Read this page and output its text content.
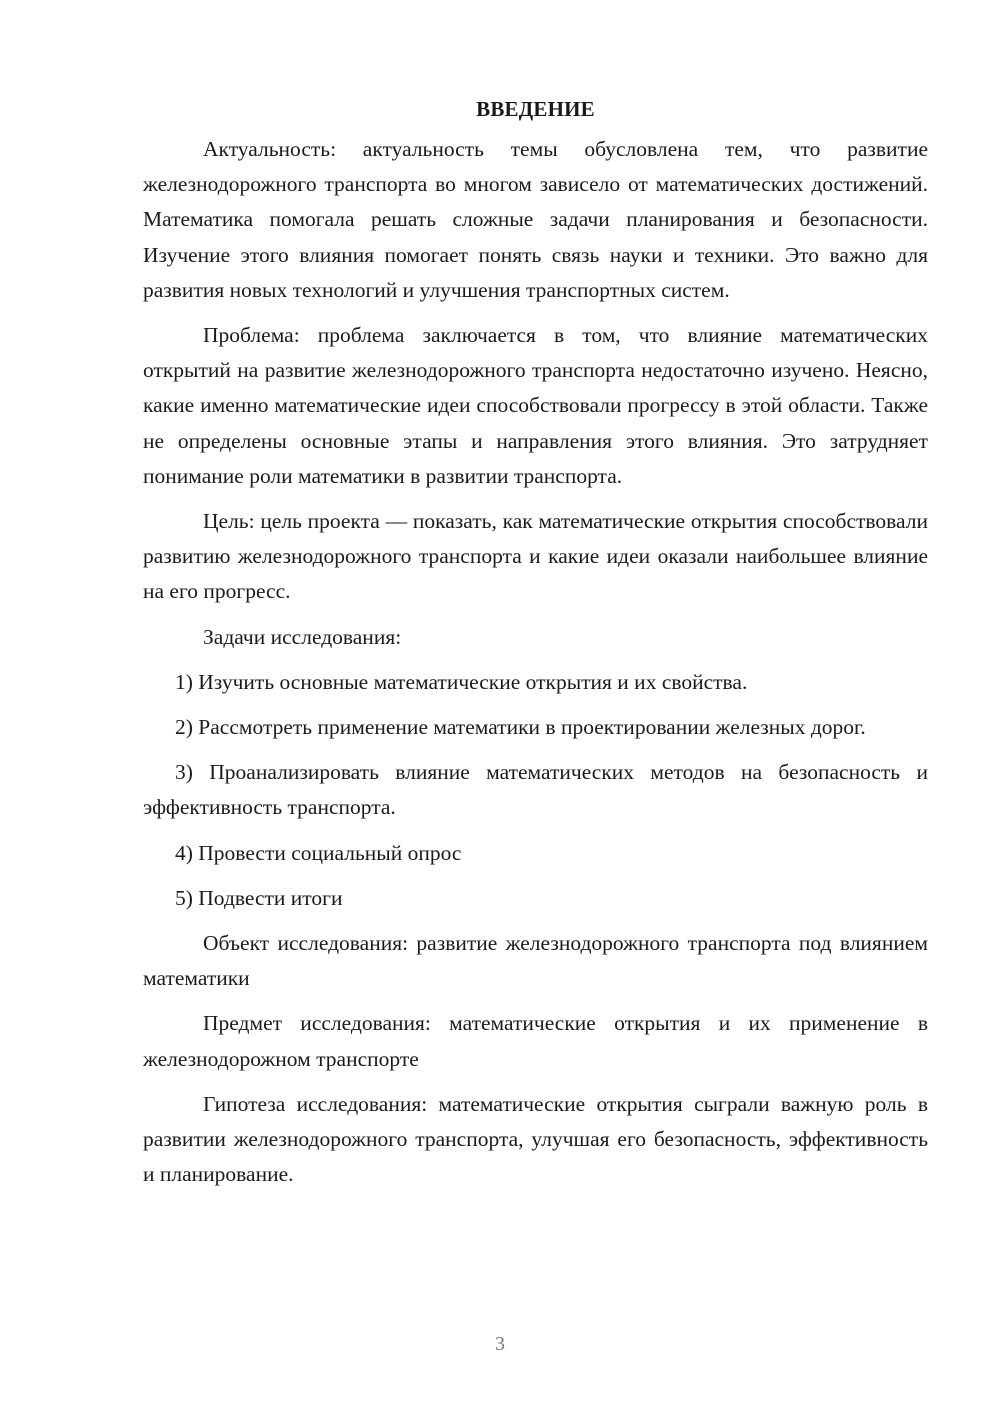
ВВЕДЕНИЕ

Актуальность: актуальность темы обусловлена тем, что развитие железнодорожного транспорта во многом зависело от математических достижений. Математика помогала решать сложные задачи планирования и безопасности. Изучение этого влияния помогает понять связь науки и техники. Это важно для развития новых технологий и улучшения транспортных систем.

Проблема: проблема заключается в том, что влияние математических открытий на развитие железнодорожного транспорта недостаточно изучено. Неясно, какие именно математические идеи способствовали прогрессу в этой области. Также не определены основные этапы и направления этого влияния. Это затрудняет понимание роли математики в развитии транспорта.

Цель: цель проекта — показать, как математические открытия способствовали развитию железнодорожного транспорта и какие идеи оказали наибольшее влияние на его прогресс.

Задачи исследования:

1) Изучить основные математические открытия и их свойства.

2) Рассмотреть применение математики в проектировании железных дорог.

3) Проанализировать влияние математических методов на безопасность и эффективность транспорта.

4) Провести социальный опрос

5) Подвести итоги

Объект исследования: развитие железнодорожного транспорта под влиянием математики

Предмет исследования: математические открытия и их применение в железнодорожном транспорте

Гипотеза исследования: математические открытия сыграли важную роль в развитии железнодорожного транспорта, улучшая его безопасность, эффективность и планирование.

3
